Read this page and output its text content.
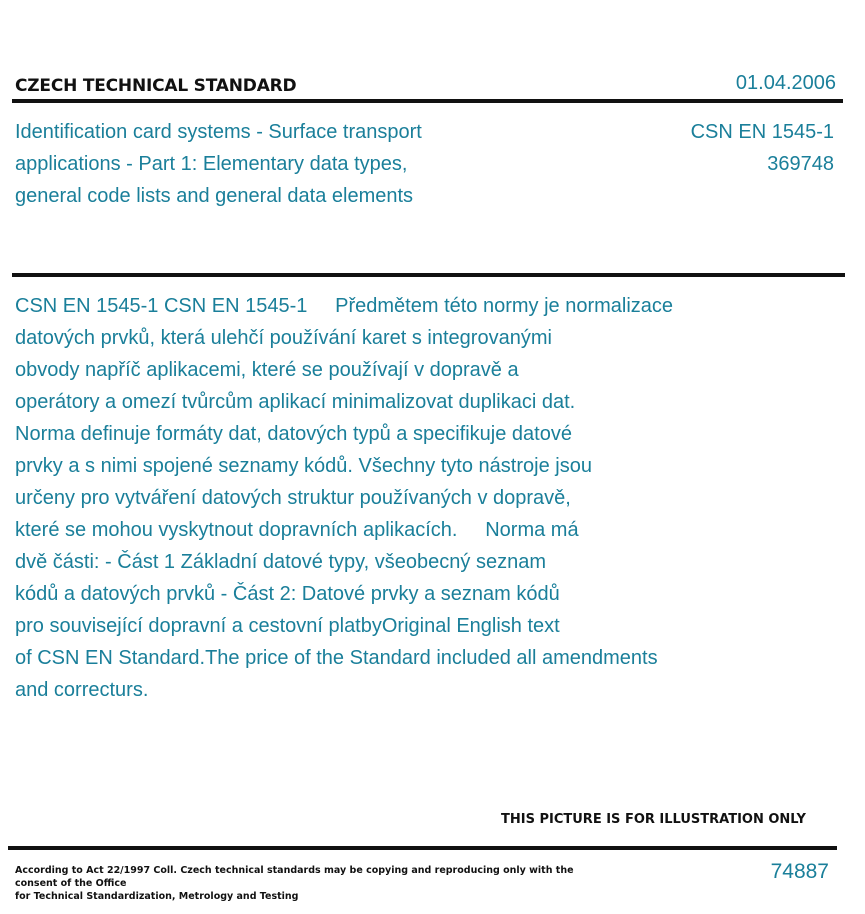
CZECH TECHNICAL STANDARD	01.04.2006
Identification card systems - Surface transport
applications - Part 1: Elementary data types,
general code lists and general data elements
CSN EN 1545-1
369748
CSN EN 1545-1 CSN EN 1545-1     Předmětem této normy je normalizace
datových prvků, která ulehčí používání karet s integrovanými
obvody napříč aplikacemi, které se používají v dopravě a
operátory a omezí tvůrcům aplikací minimalizovat duplikaci dat.
Norma definuje formáty dat, datových typů a specifikuje datové
prvky a s nimi spojené seznamy kódů. Všechny tyto nástroje jsou
určeny pro vytváření datových struktur používaných v dopravě,
které se mohou vyskytnout dopravních aplikacích.     Norma má
dvě části: - Část 1 Základní datové typy, všeobecný seznam
kódů a datových prvků - Část 2: Datové prvky a seznam kódů
pro související dopravní a cestovní platbyOriginal English text
of CSN EN Standard.The price of the Standard included all amendments
and correcturs.
THIS PICTURE IS FOR ILLUSTRATION ONLY
According to Act 22/1997 Coll. Czech technical standards may be copying and reproducing only with the consent of the Office
for Technical Standardization, Metrology and Testing
74887
